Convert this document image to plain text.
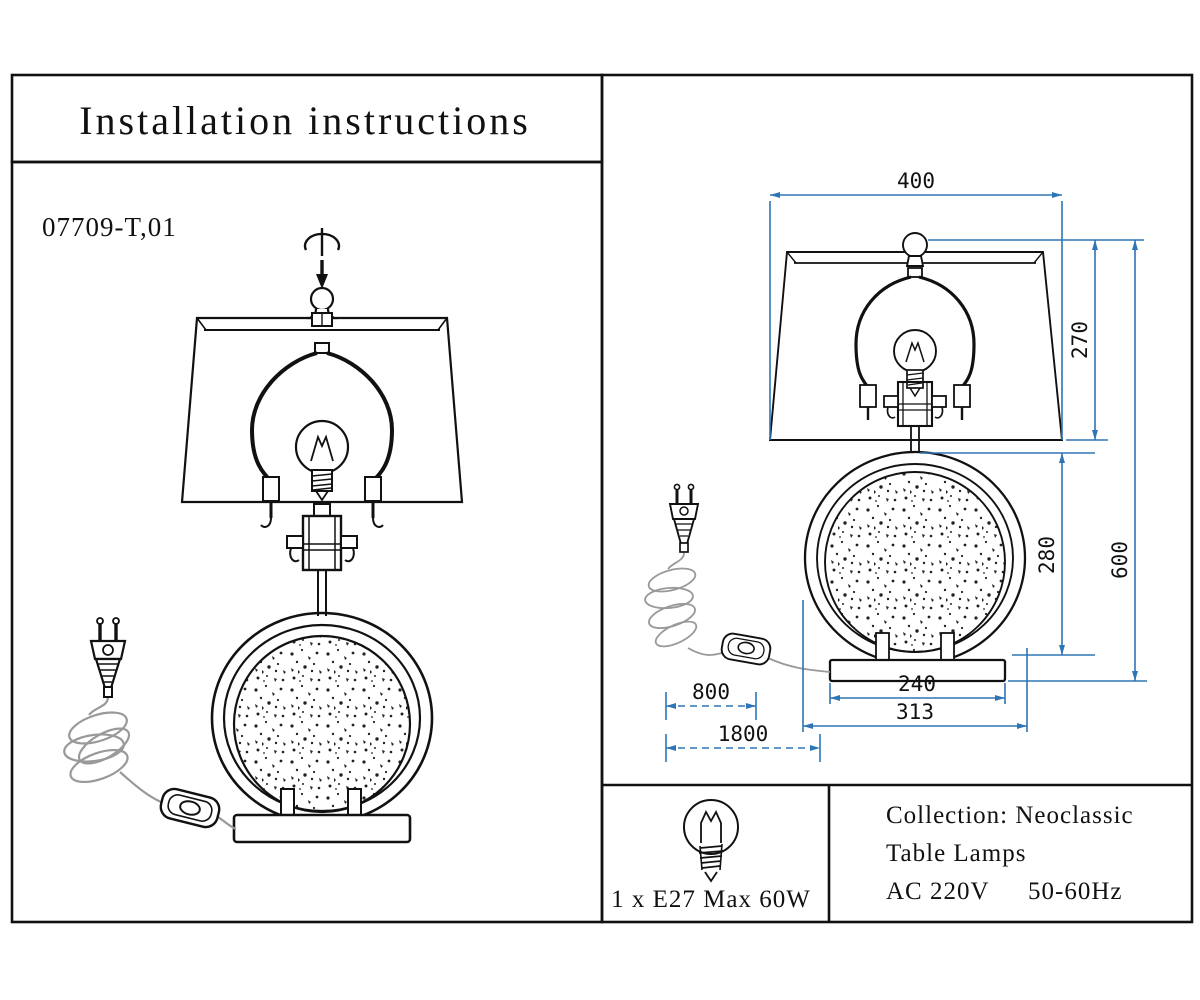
Installation instructions
07709-T,01
400
270
600
280
240
313
800
1800
1 x E27 Max 60W
Collection: Neoclassic
Table Lamps
AC 220V 50-60Hz
